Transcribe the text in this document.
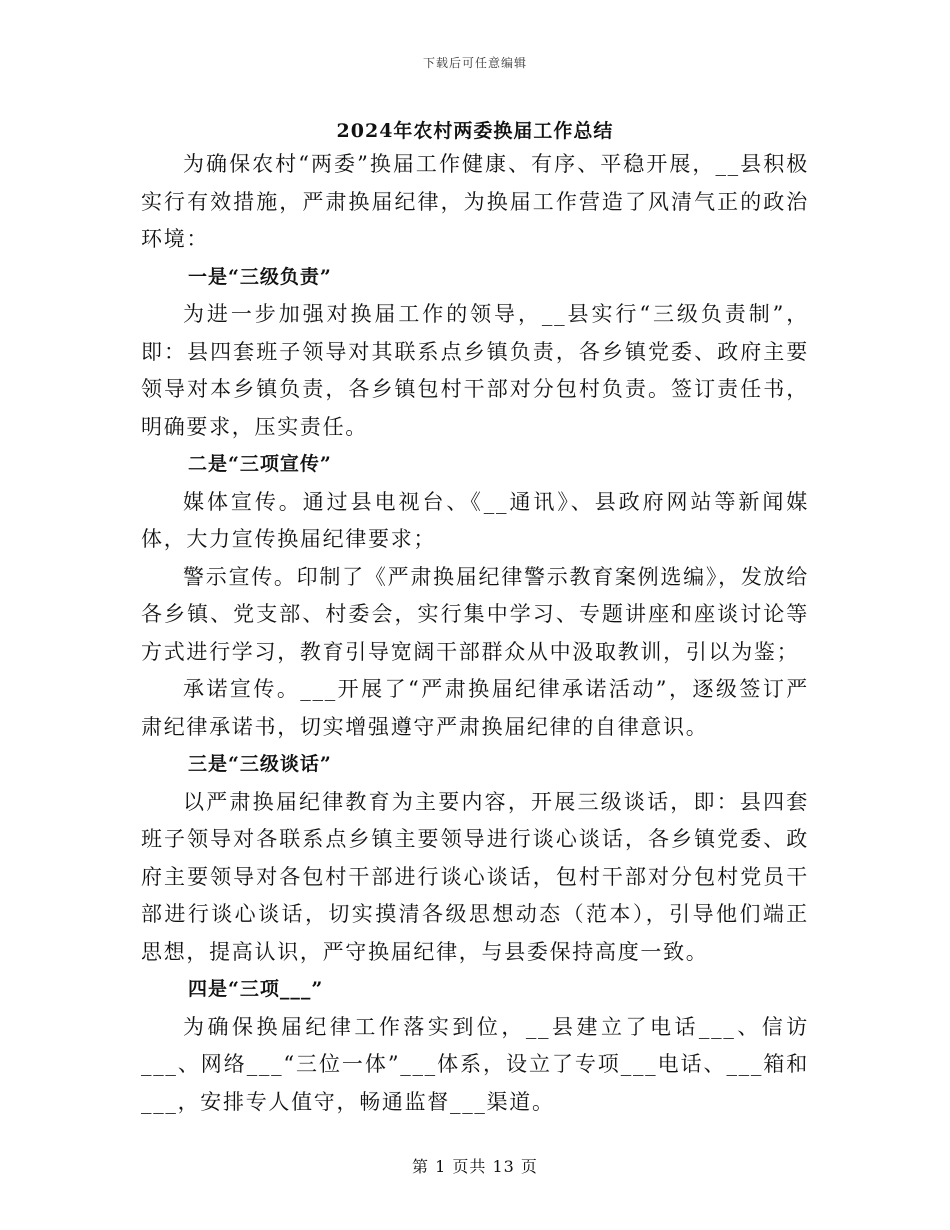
下载后可任意编辑
2024年农村两委换届工作总结

为确保农村“两委”换届工作健康、有序、平稳开展，__县积极实行有效措施，严肃换届纪律，为换届工作营造了风清气正的政治环境：

一是“三级负责”

为进一步加强对换届工作的领导，__县实行“三级负责制”，即：县四套班子领导对其联系点乡镇负责，各乡镇党委、政府主要领导对本乡镇负责，各乡镇包村干部对分包村负责。签订责任书，明确要求，压实责任。

二是“三项宣传”

媒体宣传。通过县电视台、《__通讯》、县政府网站等新闻媒体，大力宣传换届纪律要求；

警示宣传。印制了《严肃换届纪律警示教育案例选编》，发放给各乡镇、党支部、村委会，实行集中学习、专题讲座和座谈讨论等方式进行学习，教育引导宽阔干部群众从中汲取教训，引以为鉴；

承诺宣传。___开展了“严肃换届纪律承诺活动”，逐级签订严肃纪律承诺书，切实增强遵守严肃换届纪律的自律意识。

三是“三级谈话”

以严肃换届纪律教育为主要内容，开展三级谈话，即：县四套班子领导对各联系点乡镇主要领导进行谈心谈话，各乡镇党委、政府主要领导对各包村干部进行谈心谈话，包村干部对分包村党员干部进行谈心谈话，切实摸清各级思想动态（范本），引导他们端正思想，提高认识，严守换届纪律，与县委保持高度一致。

四是“三项___”

为确保换届纪律工作落实到位，__县建立了电话___、信访___、网络___“三位一体”___体系，设立了专项___电话、___箱和___，安排专人值守，畅通监督___渠道。

第 1 页共 13 页
